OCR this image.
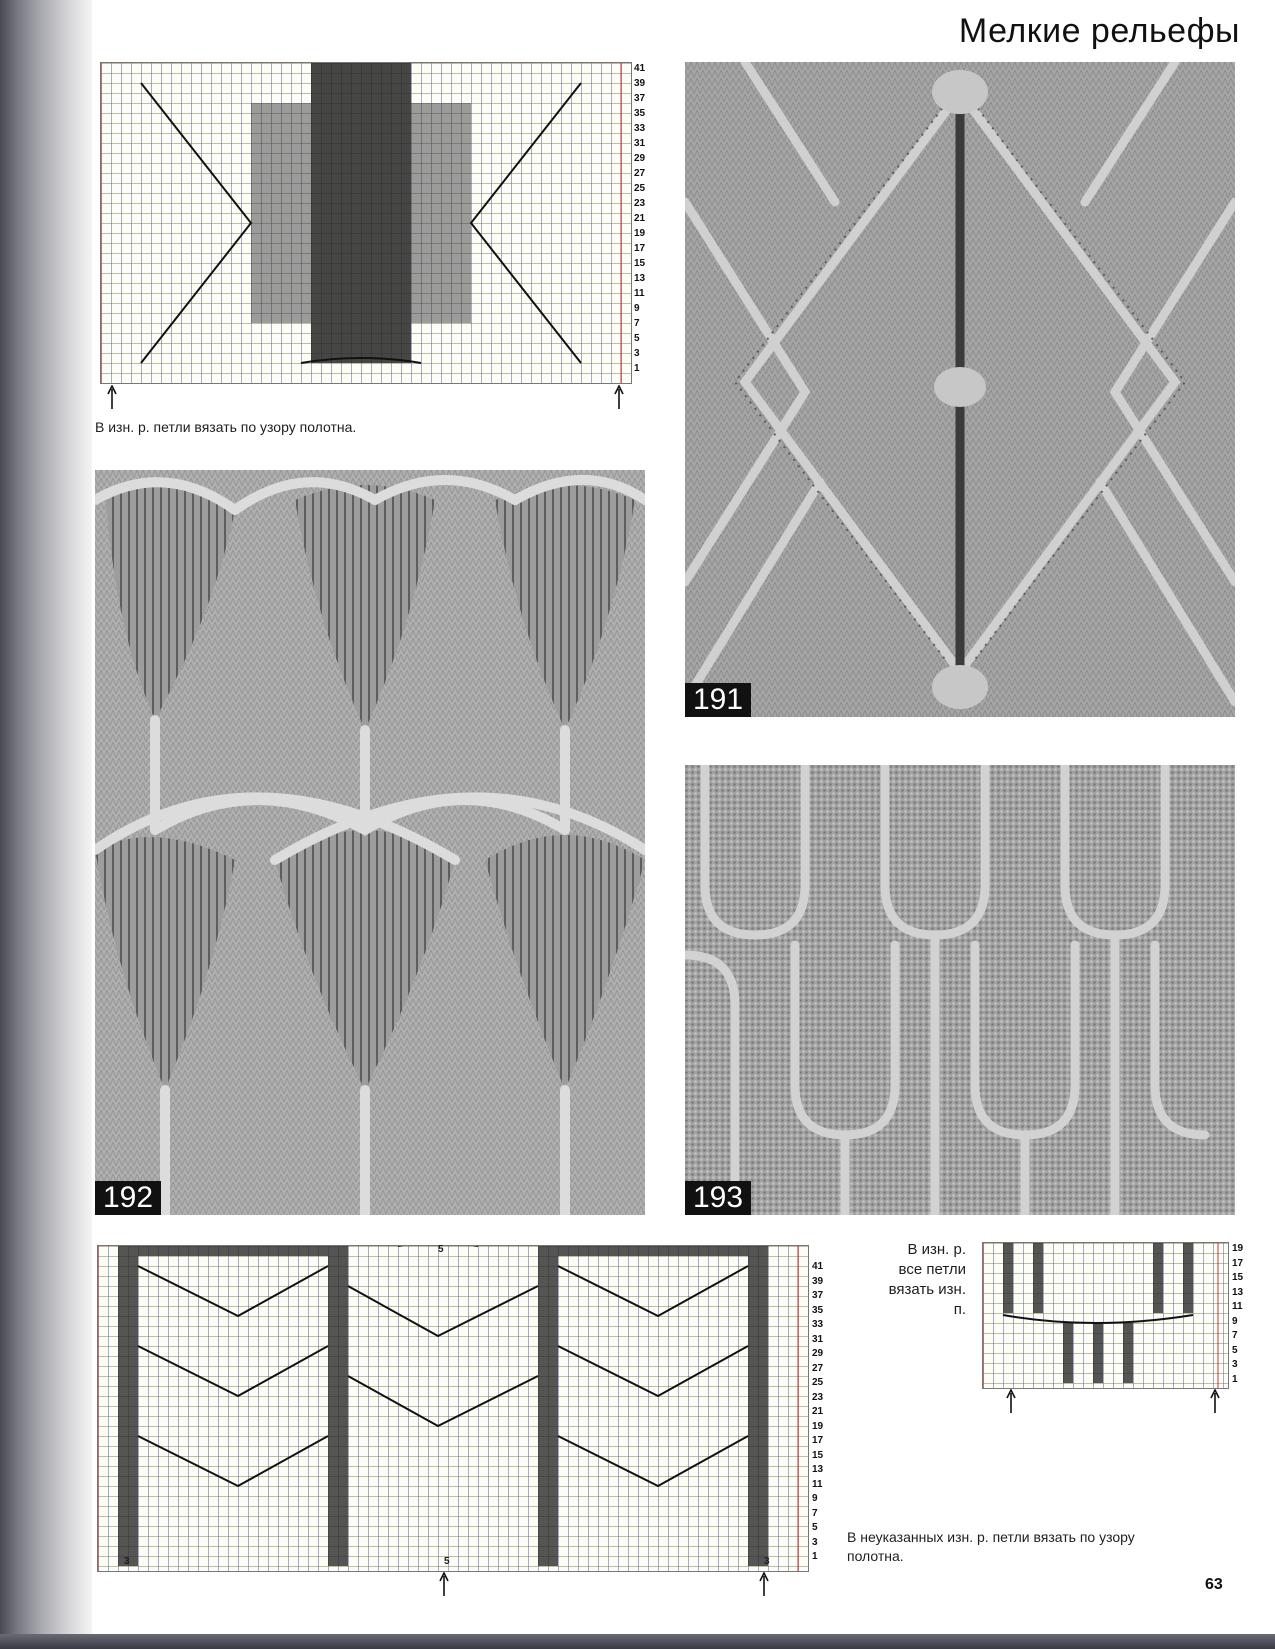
Мелкие рельефы
41
39
37
35
33
31
29
27
25
23
21
19
17
15
13
11
9
7
5
3
1
В изн. р. петли вязать по узору полотна.
191
192	193
5
3	5	3
41
39
37
35
33
31
29
27
25
23
21
19
17
15
13
11
9
7
5
3
1
В неуказанных изн. р. петли вязать по узору полотна.
В изн. р. все петли вязать изн. п.
19
17
15
13
11
9
7
5
3
1
63
